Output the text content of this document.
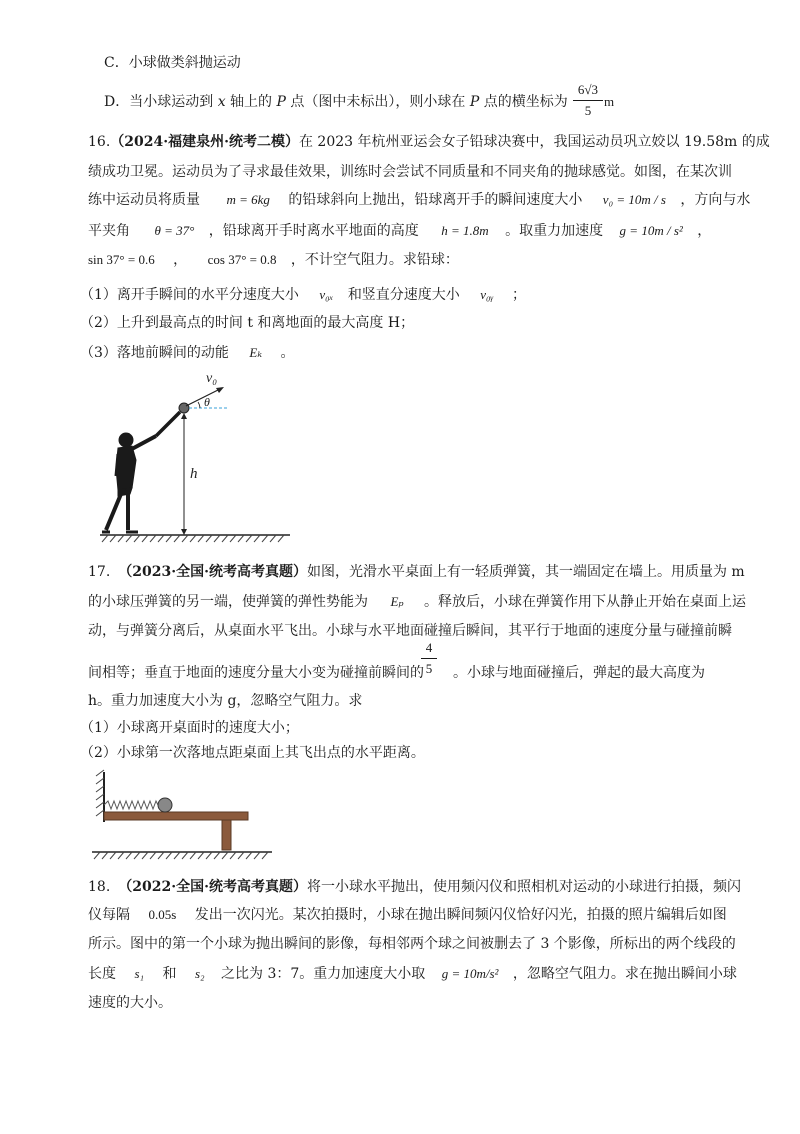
C．小球做类斜抛运动
D．当小球运动到 x 轴上的 P 点（图中未标出），则小球在 P 点的横坐标为
6√3
5
m
16.（2024·福建泉州·统考二模）在 2023 年杭州亚运会女子铅球决赛中，我国运动员巩立姣以 19.58m 的成
绩成功卫冕。运动员为了寻求最佳效果，训练时会尝试不同质量和不同夹角的抛球感觉。如图，在某次训
练中运动员将质量 m = 6kg 的铅球斜向上抛出，铅球离开手的瞬间速度大小 v₀ = 10m / s ，方向与水
平夹角 θ = 37° ，铅球离开手时离水平地面的高度 h = 1.8m 。取重力加速度 g = 10m / s² ，
sin 37° = 0.6 ， cos 37° = 0.8 ，不计空气阻力。求铅球：
（1）离开手瞬间的水平分速度大小 v₀ₓ 和竖直分速度大小 v₀ᵧ ；
（2）上升到最高点的时间 t 和离地面的最大高度 H；
（3）落地前瞬间的动能 Eₖ 。
v₀
θ
h
17. （2023·全国·统考高考真题）如图，光滑水平桌面上有一轻质弹簧，其一端固定在墙上。用质量为 m
的小球压弹簧的另一端，使弹簧的弹性势能为 Eₚ 。释放后，小球在弹簧作用下从静止开始在桌面上运
动，与弹簧分离后，从桌面水平飞出。小球与水平地面碰撞后瞬间，其平行于地面的速度分量与碰撞前瞬
间相等；垂直于地面的速度分量大小变为碰撞前瞬间的
4
5	。小球与地面碰撞后，弹起的最大高度为
h。重力加速度大小为 g，忽略空气阻力。求
（1）小球离开桌面时的速度大小；
（2）小球第一次落地点距桌面上其飞出点的水平距离。
18. （2022·全国·统考高考真题）将一小球水平抛出，使用频闪仪和照相机对运动的小球进行拍摄，频闪
仪每隔 0.05s 发出一次闪光。某次拍摄时，小球在抛出瞬间频闪仪恰好闪光，拍摄的照片编辑后如图
所示。图中的第一个小球为抛出瞬间的影像，每相邻两个球之间被删去了 3 个影像，所标出的两个线段的
长度 s₁ 和 s₂ 之比为 3：7。重力加速度大小取 g = 10m/s² ，忽略空气阻力。求在抛出瞬间小球
速度的大小。
